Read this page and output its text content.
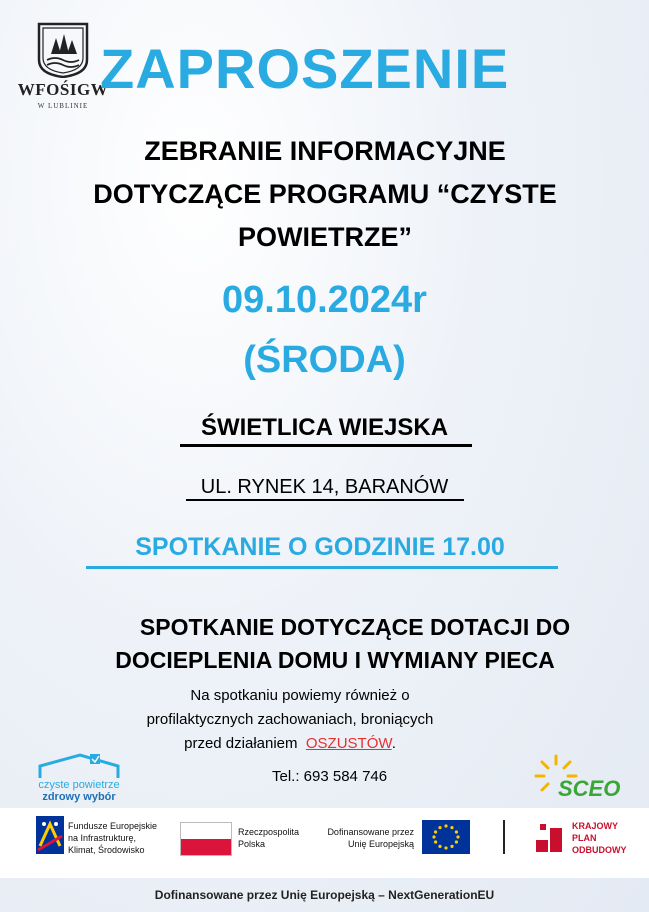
WFOŚIGW
W LUBLINIE
ZAPROSZENIE
ZEBRANIE INFORMACYJNE
DOTYCZĄCE PROGRAMU “CZYSTE
POWIETRZE”
09.10.2024r
(ŚRODA)
ŚWIETLICA WIEJSKA
UL. RYNEK 14, BARANÓW
SPOTKANIE O GODZINIE 17.00
SPOTKANIE DOTYCZĄCE DOTACJI DO
DOCIEPLENIA DOMU I WYMIANY PIECA
Na spotkaniu powiemy również o
profilaktycznych zachowaniach, broniących
przed działaniem OSZUSTÓW.
Tel.: 693 584 746
czyste powietrze
zdrowy wybór	SCEO
Fundusze Europejskie
na Infrastrukturę,
Klimat, Środowisko
Rzeczpospolita
Polska
Dofinansowane przez
Unię Europejską
KRAJOWY
PLAN
ODBUDOWY
Dofinansowane przez Unię Europejską – NextGenerationEU
